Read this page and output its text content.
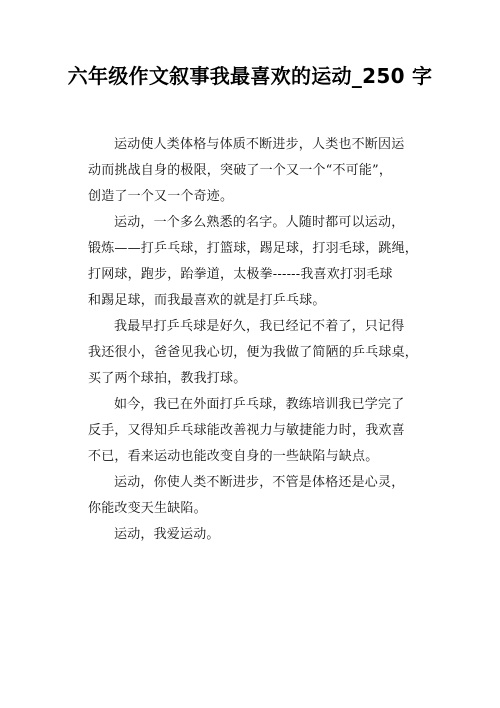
六年级作文叙事我最喜欢的运动_250 字
运动使人类体格与体质不断进步，人类也不断因运
动而挑战自身的极限，突破了一个又一个“不可能”，
创造了一个又一个奇迹。
运动，一个多么熟悉的名字。人随时都可以运动，
锻炼——打乒乓球，打篮球，踢足球，打羽毛球，跳绳，
打网球，跑步，跆拳道，太极拳------我喜欢打羽毛球
和踢足球，而我最喜欢的就是打乒乓球。
我最早打乒乓球是好久，我已经记不着了，只记得
我还很小，爸爸见我心切，便为我做了简陋的乒乓球桌，
买了两个球拍，教我打球。
如今，我已在外面打乒乓球，教练培训我已学完了
反手，又得知乒乓球能改善视力与敏捷能力时，我欢喜
不已，看来运动也能改变自身的一些缺陷与缺点。
运动，你使人类不断进步，不管是体格还是心灵，
你能改变天生缺陷。
运动，我爱运动。
